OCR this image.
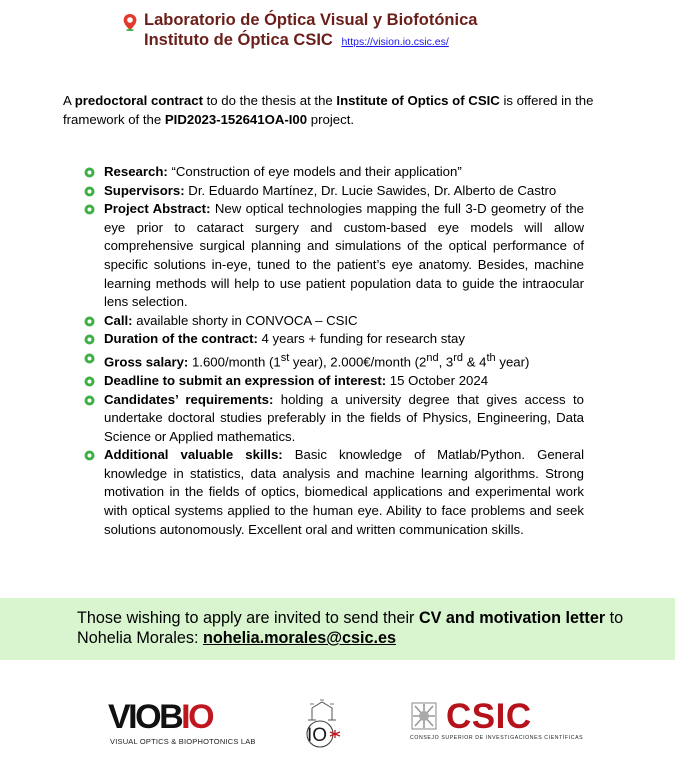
Laboratorio de Óptica Visual y Biofotónica
Instituto de Óptica CSIC https://vision.io.csic.es/
A predoctoral contract to do the thesis at the Institute of Optics of CSIC is offered in the framework of the PID2023-152641OA-I00 project.
Research: “Construction of eye models and their application”
Supervisors: Dr. Eduardo Martínez, Dr. Lucie Sawides, Dr. Alberto de Castro
Project Abstract: New optical technologies mapping the full 3-D geometry of the eye prior to cataract surgery and custom-based eye models will allow comprehensive surgical planning and simulations of the optical performance of specific solutions in-eye, tuned to the patient’s eye anatomy. Besides, machine learning methods will help to use patient population data to guide the intraocular lens selection.
Call: available shorty in CONVOCA – CSIC
Duration of the contract: 4 years + funding for research stay
Gross salary: 1.600/month (1st year), 2.000€/month (2nd, 3rd & 4th year)
Deadline to submit an expression of interest: 15 October 2024
Candidates’ requirements: holding a university degree that gives access to undertake doctoral studies preferably in the fields of Physics, Engineering, Data Science or Applied mathematics.
Additional valuable skills: Basic knowledge of Matlab/Python. General knowledge in statistics, data analysis and machine learning algorithms. Strong motivation in the fields of optics, biomedical applications and experimental work with optical systems applied to the human eye. Ability to face problems and seek solutions autonomously. Excellent oral and written communication skills.
Those wishing to apply are invited to send their CV and motivation letter to Nohelia Morales: nohelia.morales@csic.es
VIOBIO
VISUAL OPTICS & BIOPHOTONICS LAB	IO	CSIC
CONSEJO SUPERIOR DE INVESTIGACIONES CIENTÍFICAS
